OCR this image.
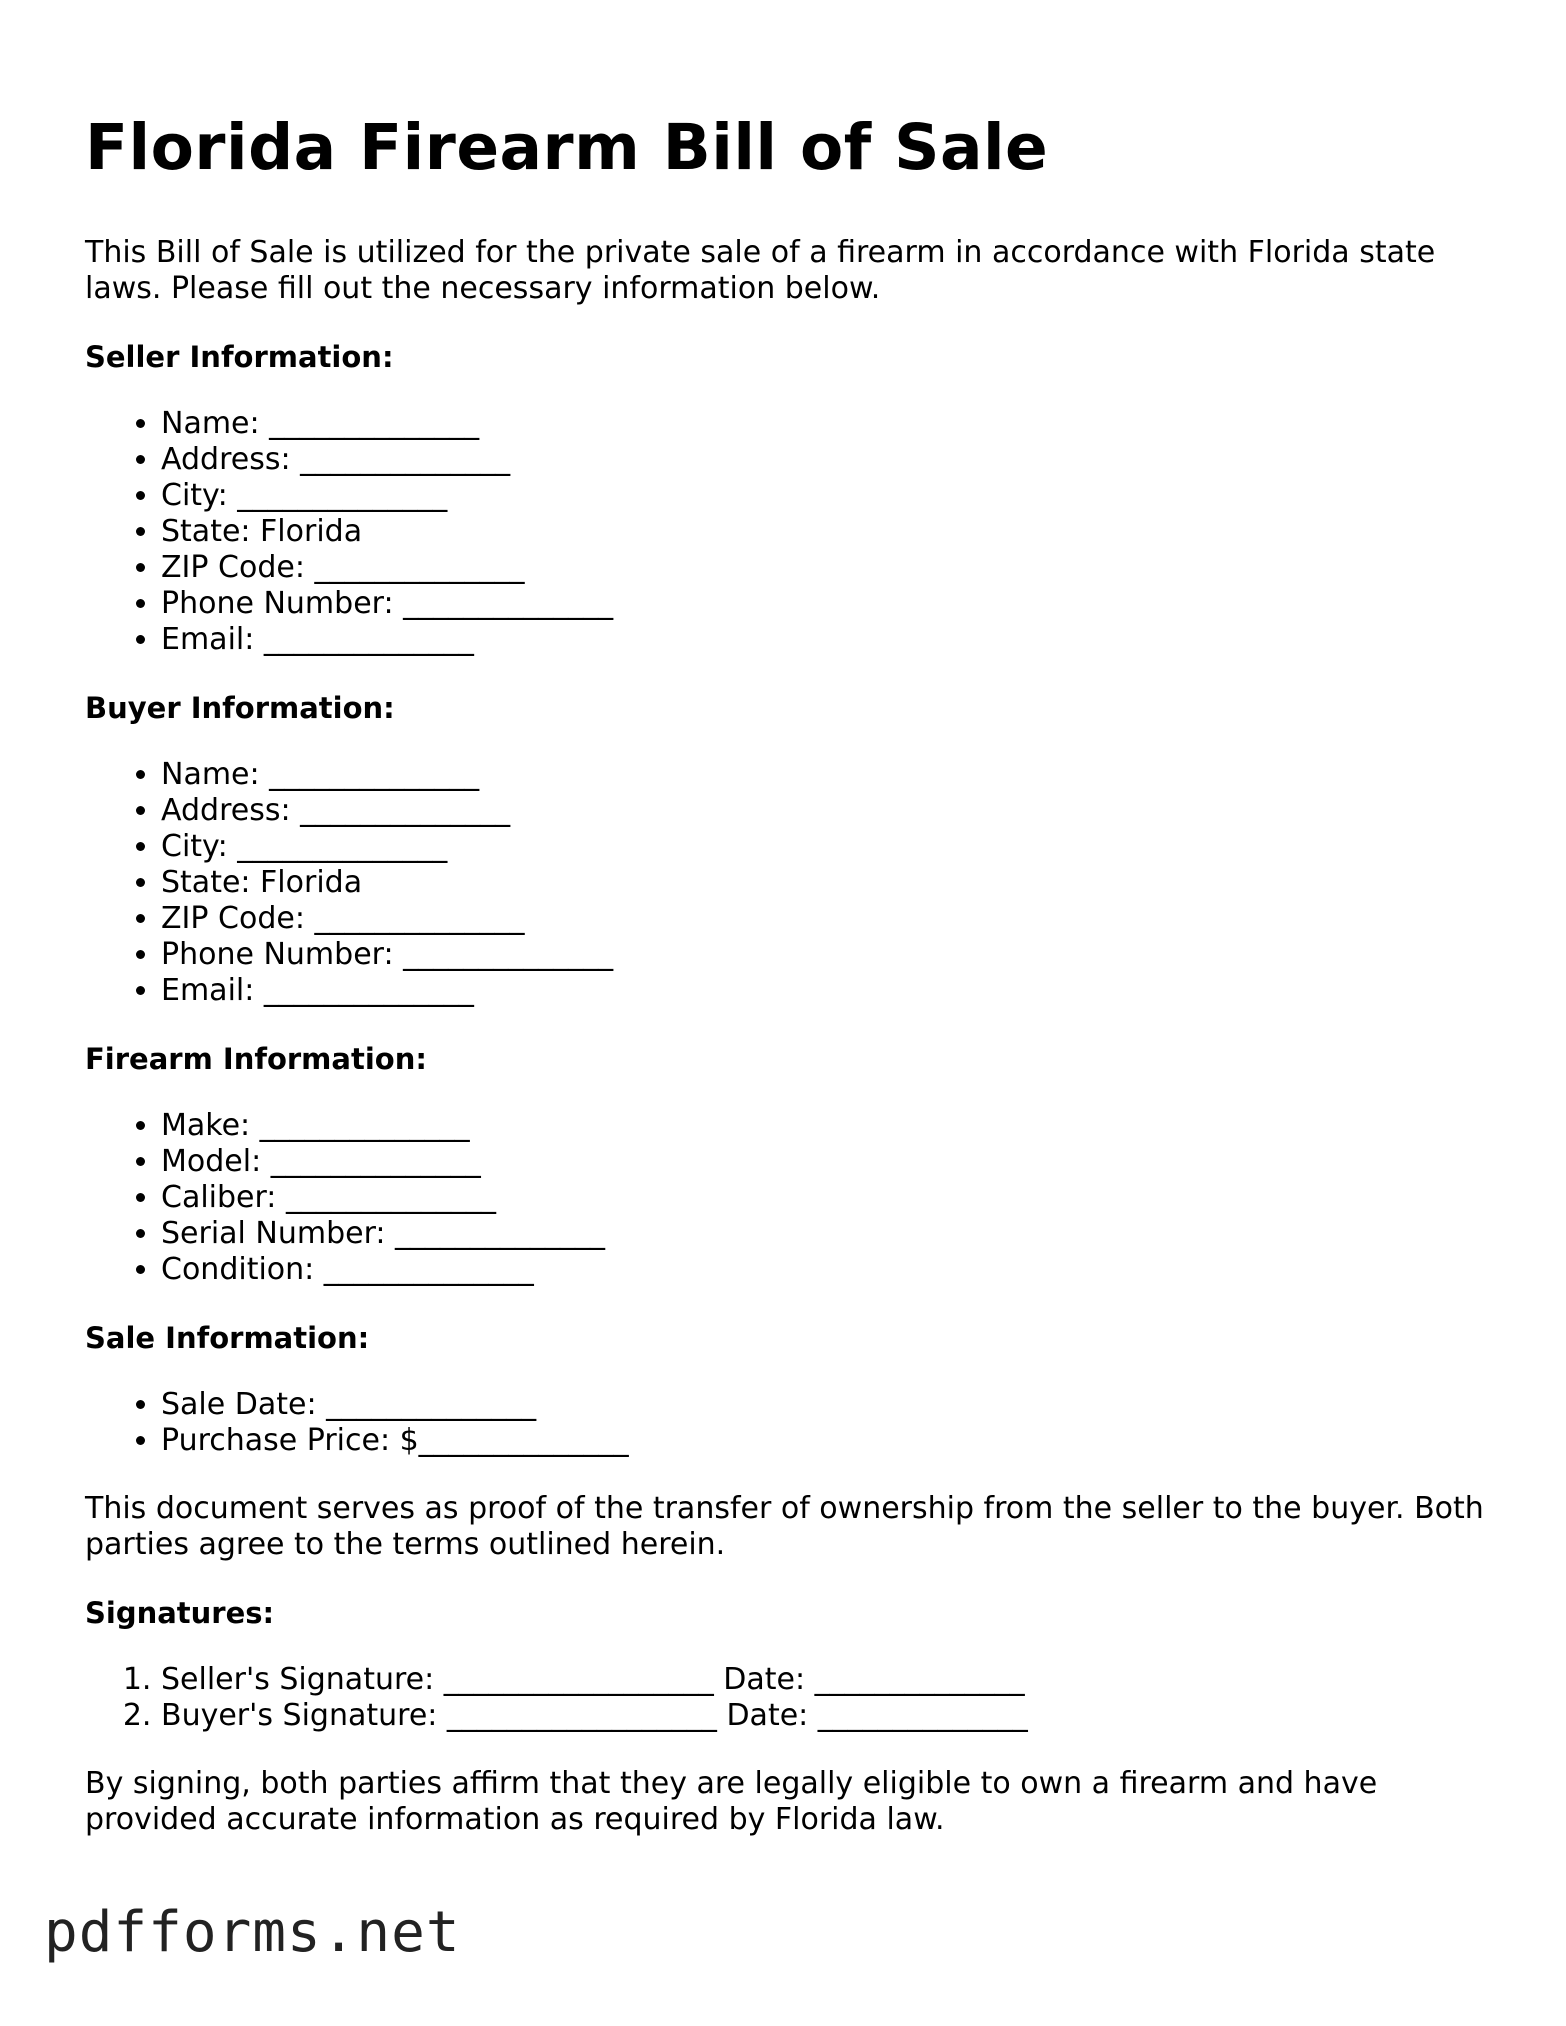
Florida Firearm Bill of Sale

This Bill of Sale is utilized for the private sale of a firearm in accordance with Florida state laws. Please fill out the necessary information below.

Seller Information:
• Name: ______________
• Address: ______________
• City: ______________
• State: Florida
• ZIP Code: ______________
• Phone Number: ______________
• Email: ______________
Buyer Information:
• Name: ______________
• Address: ______________
• City: ______________
• State: Florida
• ZIP Code: ______________
• Phone Number: ______________
• Email: ______________
Firearm Information:
• Make: ______________
• Model: ______________
• Caliber: ______________
• Serial Number: ______________
• Condition: ______________
Sale Information:
• Sale Date: ______________
• Purchase Price: $______________

This document serves as proof of the transfer of ownership from the seller to the buyer. Both parties agree to the terms outlined herein.

Signatures:
1. Seller's Signature: __________________ Date: ______________
2. Buyer's Signature: __________________ Date: ______________

By signing, both parties affirm that they are legally eligible to own a firearm and have provided accurate information as required by Florida law.

pdfforms.net
